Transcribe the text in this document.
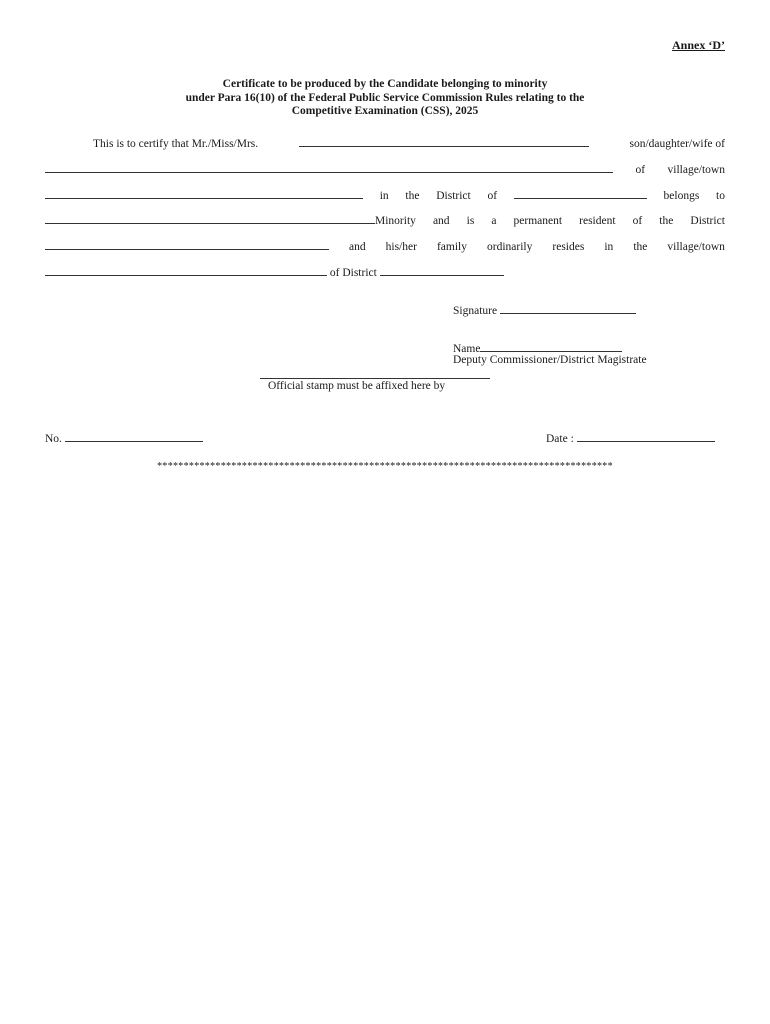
Annex ‘D’
Certificate to be produced by the Candidate belonging to minority
under Para 16(10) of the Federal Public Service Commission Rules relating to the
Competitive Examination (CSS), 2025
This is to certify that Mr./Miss/Mrs.	son/daughter/wife of
of village/town
in the District of	belongs to
Minority and is a permanent resident of the District
and his/her family ordinarily resides in the village/town
of District
Signature
Name
Deputy Commissioner/District Magistrate
Official stamp must be affixed here by
No.	Date :
**************************************************************************************
